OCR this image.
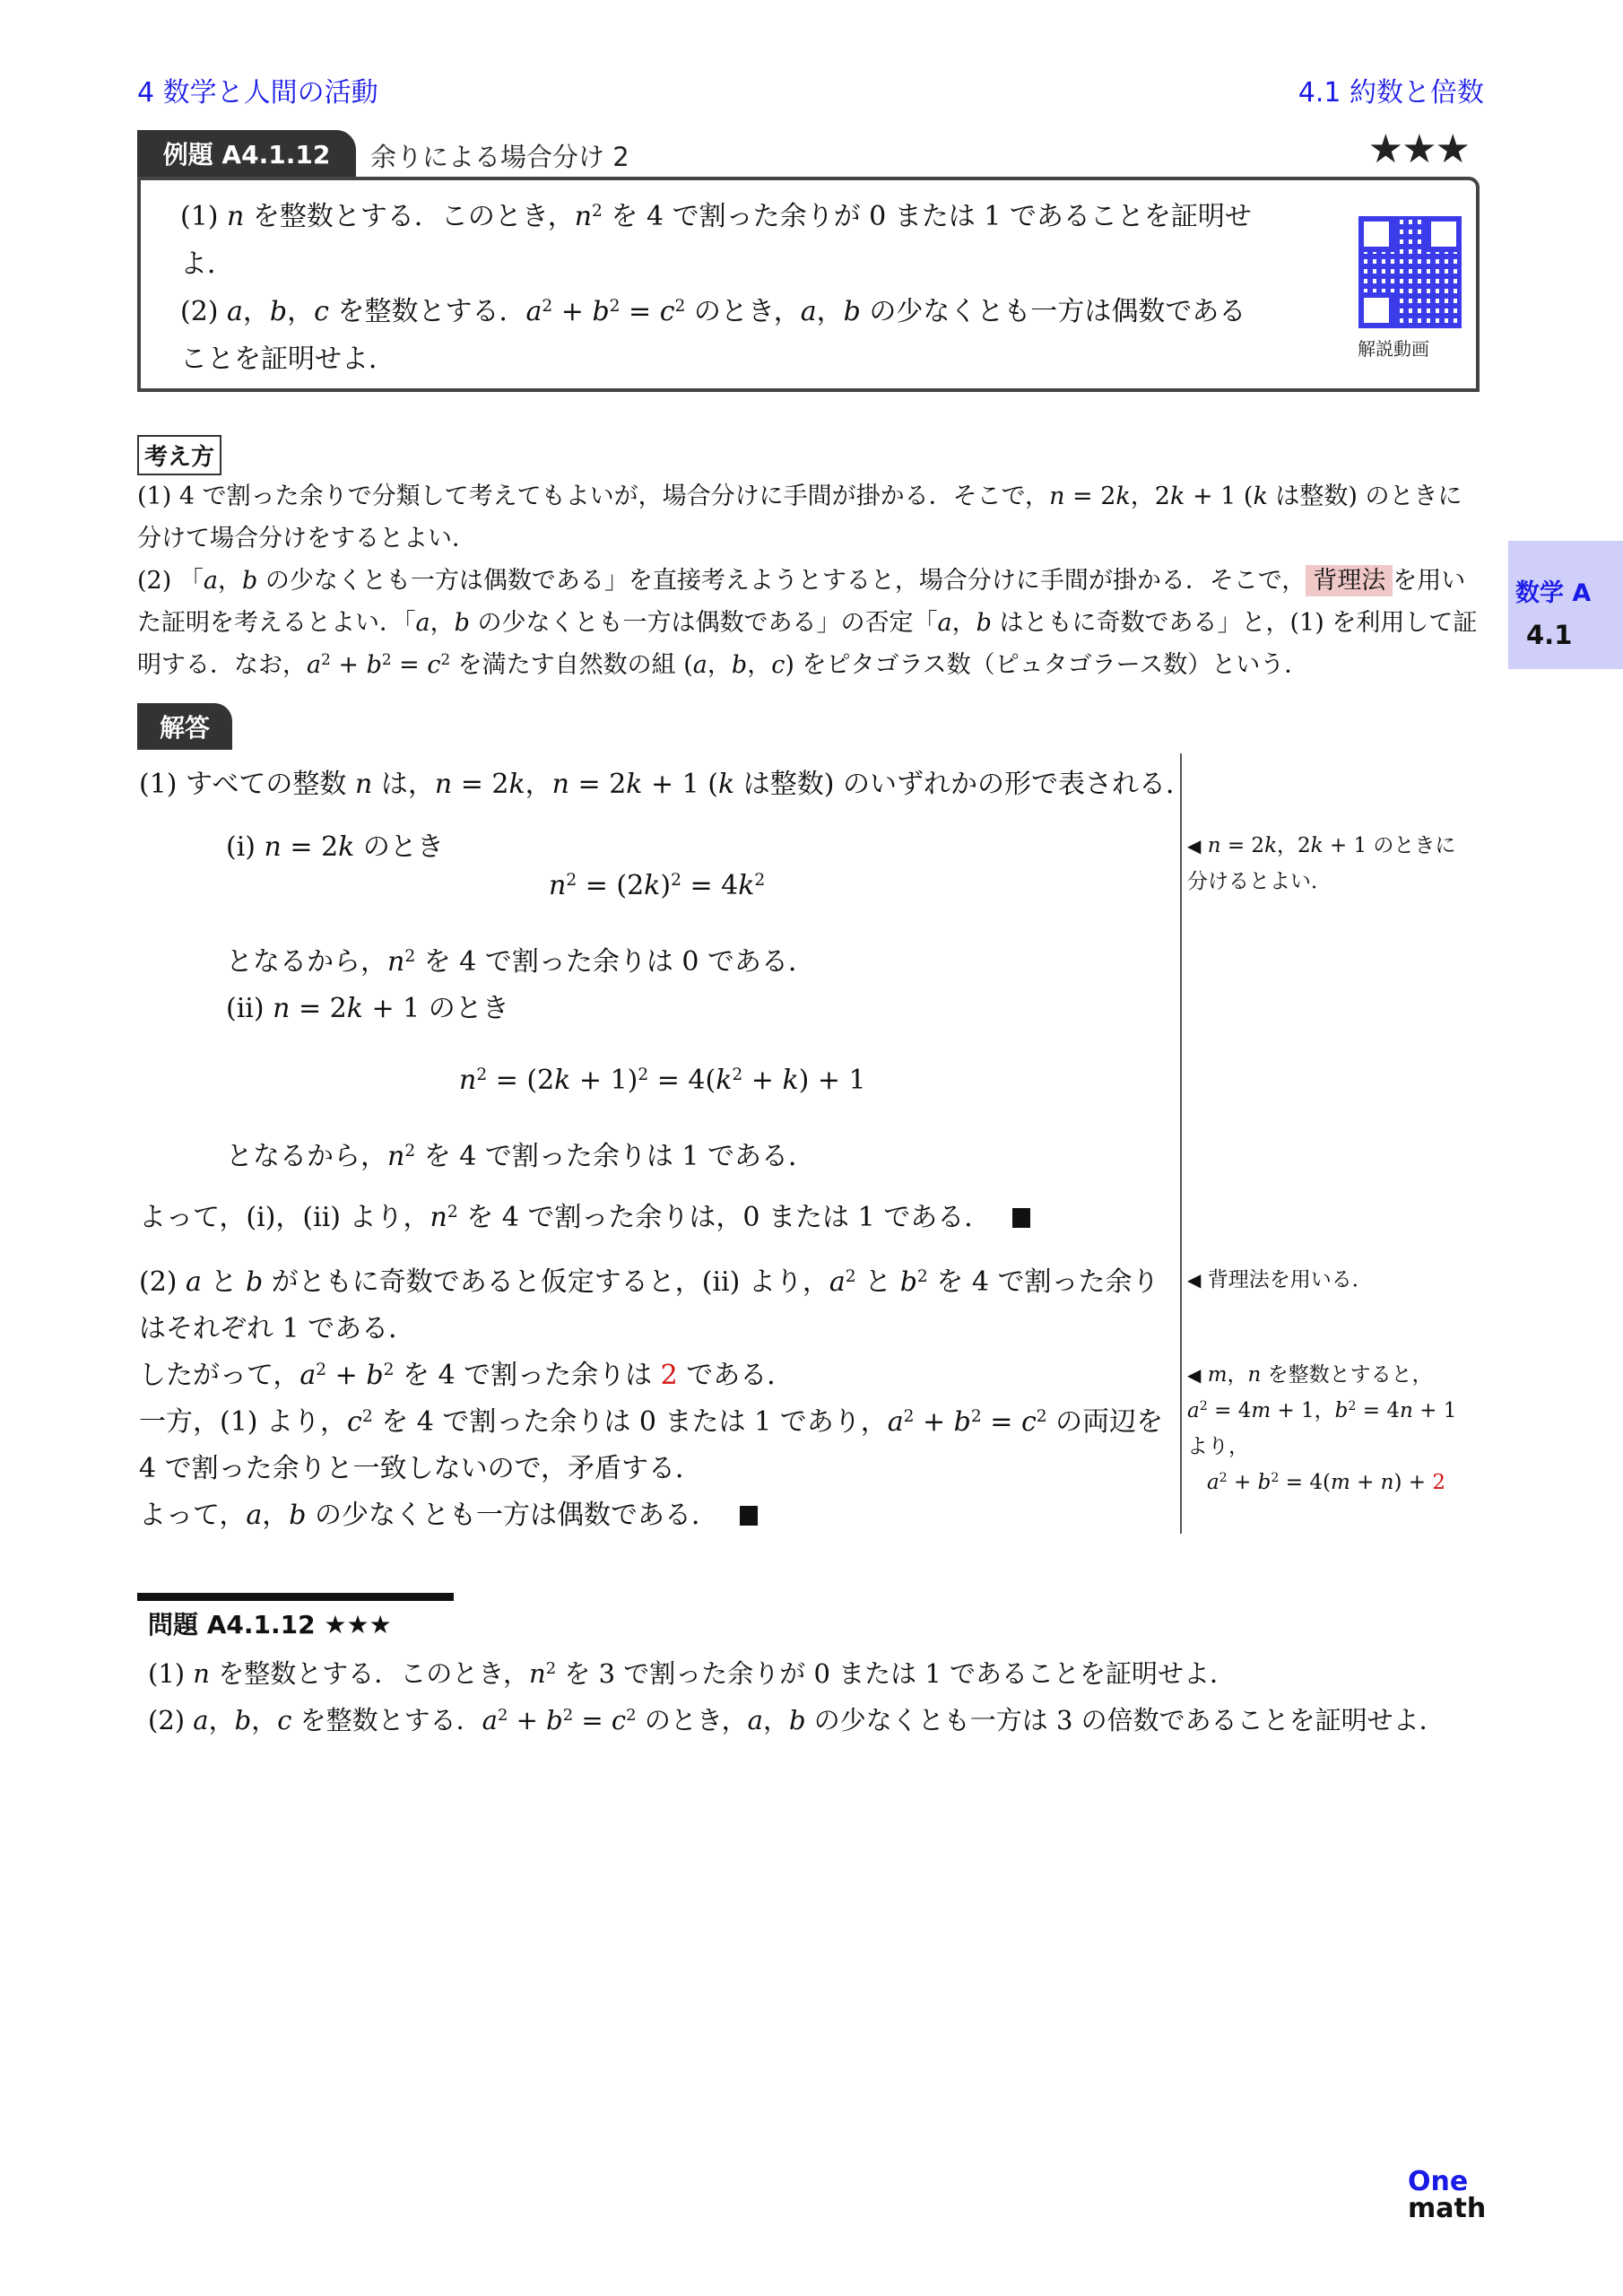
4 数学と人間の活動	4.1 約数と倍数
例題 A4.1.12	余りによる場合分け 2	★★★
(1) n を整数とする．このとき，$n^2$ を 4 で割った余りが 0 または 1 であることを証明せよ．
(2) a，b，c を整数とする．$a^2 + b^2 = c^2$ のとき，a，b の少なくとも一方は偶数であることを証明せよ．	解説動画
考え方
(1) 4 で割った余りで分類して考えてもよいが，場合分けに手間が掛かる．そこで，n = 2k，2k + 1 (k は整数) のときに
分けて場合分けをするとよい．
(2) 「a，b の少なくとも一方は偶数である」を直接考えようとすると，場合分けに手間が掛かる．そこで， 背理法 を用い
た証明を考えるとよい．「a，b の少なくとも一方は偶数である」の否定「a，b はともに奇数である」と，(1) を利用して証
明する．なお，$a^2 + b^2 = c^2$ を満たす自然数の組 (a，b，c) をピタゴラス数（ピュタゴラース数）という．
数学 A
4.1
解答
(1) すべての整数 n は，n = 2k，n = 2k + 1 (k は整数) のいずれかの形で表される．
(i) n = 2k のとき
$n^2 = (2k)^2 = 4k^2$
となるから，$n^2$ を 4 で割った余りは 0 である．
(ii) n = 2k + 1 のとき
$n^2 = (2k + 1)^2 = 4(k^2 + k) + 1$
となるから，$n^2$ を 4 で割った余りは 1 である．
よって，(i)，(ii) より，$n^2$ を 4 で割った余りは，0 または 1 である．
(2) a と b がともに奇数であると仮定すると，(ii) より，$a^2$ と $b^2$ を 4 で割った余り
はそれぞれ 1 である．
したがって，$a^2 + b^2$ を 4 で割った余りは 2 である．
一方，(1) より，$c^2$ を 4 で割った余りは 0 または 1 であり，$a^2 + b^2 = c^2$ の両辺を
4 で割った余りと一致しないので，矛盾する．
よって，a，b の少なくとも一方は偶数である．
◀ n = 2k，2k + 1 のときに
分けるとよい．
◀ 背理法を用いる．
◀ m，n を整数とすると，
$a^2 = 4m + 1$，$b^2 = 4n + 1$
より，
$a^2 + b^2 = 4(m + n) + 2$
問題 A4.1.12 ★★★
(1) n を整数とする．このとき，$n^2$ を 3 で割った余りが 0 または 1 であることを証明せよ．
(2) a，b，c を整数とする．$a^2 + b^2 = c^2$ のとき，a，b の少なくとも一方は 3 の倍数であることを証明せよ．
One
math
